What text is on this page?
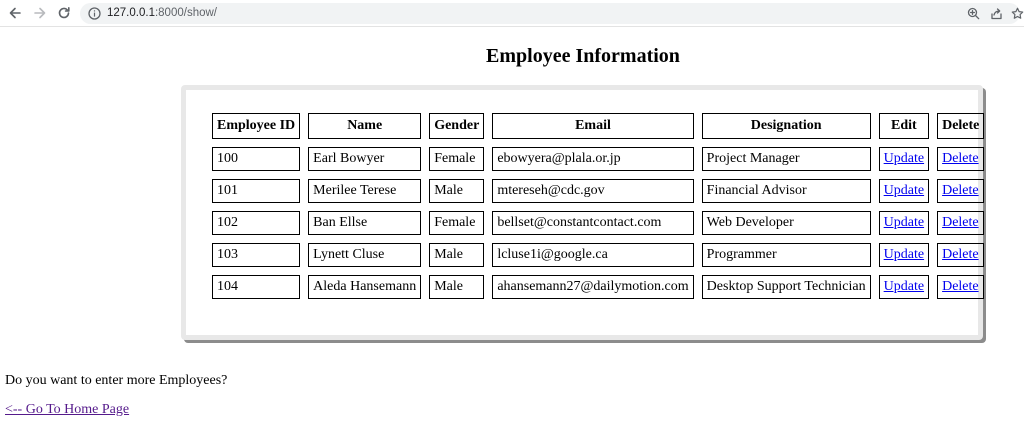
127.0.0.1:8000/show/
Employee Information
Employee ID	Name	Gender	Email	Designation	Edit	Delete
100	Earl Bowyer	Female	ebowyera@plala.or.jp	Project Manager	Update	Delete
101	Merilee Terese	Male	mtereseh@cdc.gov	Financial Advisor	Update	Delete
102	Ban Ellse	Female	bellset@constantcontact.com	Web Developer	Update	Delete
103	Lynett Cluse	Male	lcluse1i@google.ca	Programmer	Update	Delete
104	Aleda Hansemann	Male	ahansemann27@dailymotion.com	Desktop Support Technician	Update	Delete
Do you want to enter more Employees?
<-- Go To Home Page
